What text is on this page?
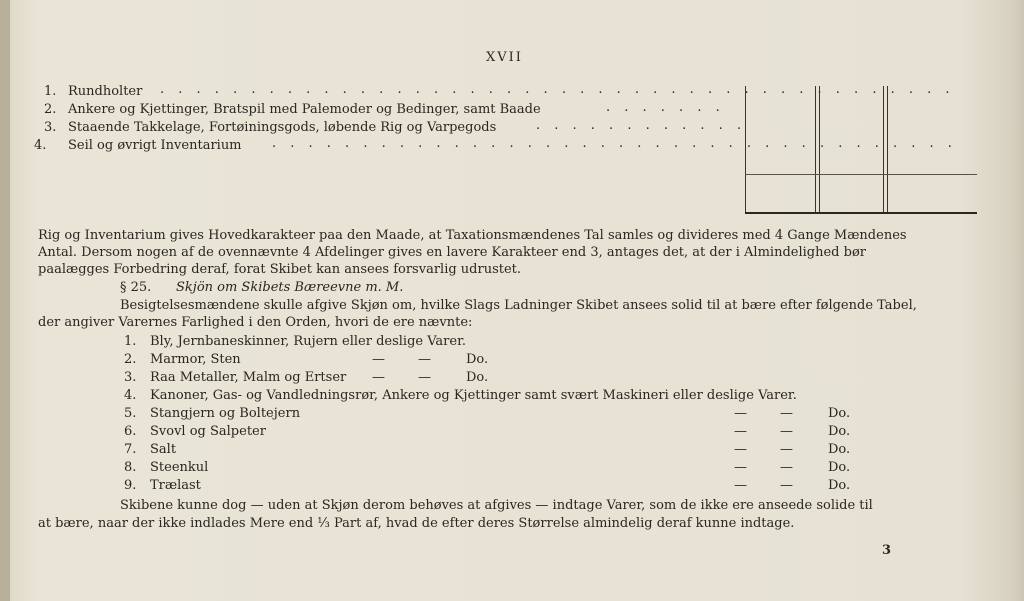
XVII
1. Rundholter . . . . . . . . . . . . . . . . . . . . . . . . . . . . . . . . . . . . . . . . . . . .
2. Ankere og Kjettinger, Bratspil med Palemoder og Bedinger, samt Baade	. . . . . . .
3. Staaende Takkelage, Fortøiningsgods, løbende Rig og Varpegods	. . . . . . . . . . . .
4. Seil og øvrigt Inventarium . . . . . . . . . . . . . . . . . . . . . . . . . . . . . . . . . . . . . .
Rig og Inventarium gives Hovedkarakteer paa den Maade, at Taxationsmændenes Tal samles og divideres med 4 Gange Mændenes
Antal. Dersom nogen af de ovennævnte 4 Afdelinger gives en lavere Karakteer end 3, antages det, at der i Almindelighed bør
paalægges Forbedring deraf, forat Skibet kan ansees forsvarlig udrustet.
§ 25. Skjön om Skibets Bæreevne m. M.
Besigtelsesmændene skulle afgive Skjøn om, hvilke Slags Ladninger Skibet ansees solid til at bære efter følgende Tabel,
der angiver Varernes Farlighed i den Orden, hvori de ere nævnte:
1. Bly, Jernbaneskinner, Rujern eller deslige Varer.
2. Marmor, Sten	—	—	Do.
3. Raa Metaller, Malm og Ertser —	—	Do.
4. Kanoner, Gas- og Vandledningsrør, Ankere og Kjettinger samt svært Maskineri eller deslige Varer.
5. Stangjern og Boltejern	—	—	Do.
6. Svovl og Salpeter	—	—	Do.
7. Salt	—	—	Do.
8. Steenkul	—	—	Do.
9. Trælast	—	—	Do.
Skibene kunne dog — uden at Skjøn derom behøves at afgives — indtage Varer, som de ikke ere anseede solide til
at bære, naar der ikke indlades Mere end ⅓ Part af, hvad de efter deres Størrelse almindelig deraf kunne indtage.
3
